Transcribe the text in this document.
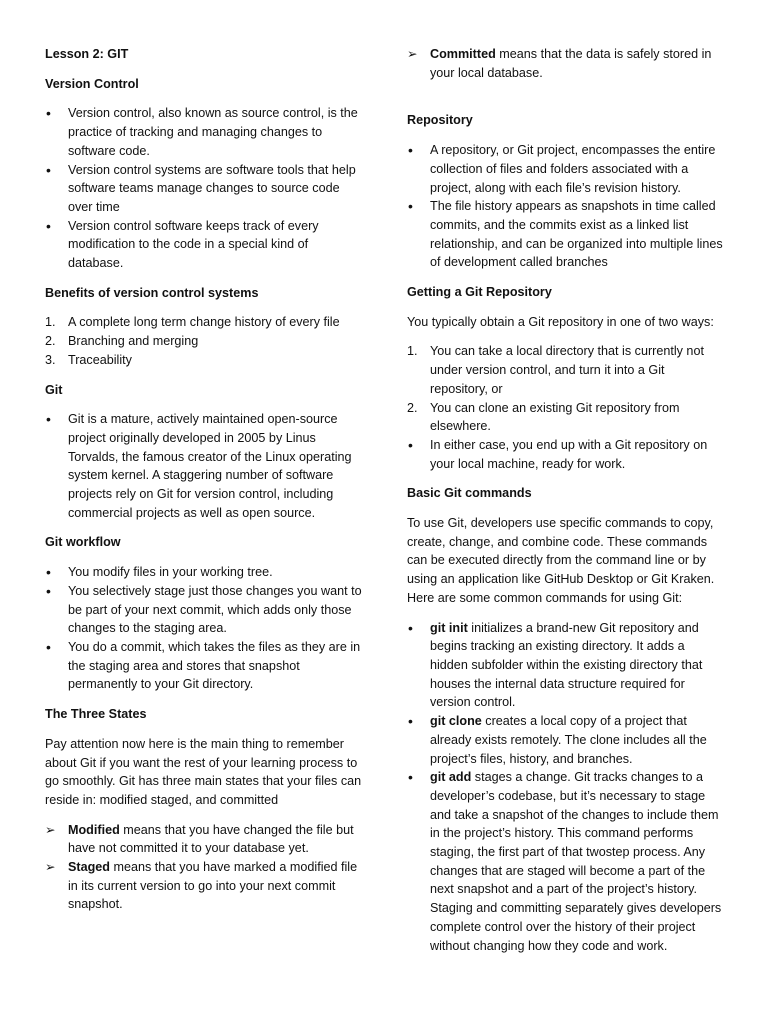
Lesson 2: GIT
Version Control
• Version control, also known as source control, is the practice of tracking and managing changes to software code.
• Version control systems are software tools that help software teams manage changes to source code over time
• Version control software keeps track of every modification to the code in a special kind of database.
Benefits of version control systems
1. A complete long term change history of every file
2. Branching and merging
3. Traceability
Git
• Git is a mature, actively maintained open-source project originally developed in 2005 by Linus Torvalds, the famous creator of the Linux operating system kernel. A staggering number of software projects rely on Git for version control, including commercial projects as well as open source.
Git workflow
• You modify files in your working tree.
• You selectively stage just those changes you want to be part of your next commit, which adds only those changes to the staging area.
• You do a commit, which takes the files as they are in the staging area and stores that snapshot permanently to your Git directory.
The Three States

Pay attention now here is the main thing to remember about Git if you want the rest of your learning process to go smoothly. Git has three main states that your files can reside in: modified staged, and committed

➢ Modified means that you have changed the file but have not committed it to your database yet.
➢ Staged means that you have marked a modified file in its current version to go into your next commit snapshot.
➢ Committed means that the data is safely stored in your local database.
Repository
• A repository, or Git project, encompasses the entire collection of files and folders associated with a project, along with each file’s revision history.
• The file history appears as snapshots in time called commits, and the commits exist as a linked list relationship, and can be organized into multiple lines of development called branches
Getting a Git Repository

You typically obtain a Git repository in one of two ways:

1. You can take a local directory that is currently not under version control, and turn it into a Git repository, or
2. You can clone an existing Git repository from elsewhere.
• In either case, you end up with a Git repository on your local machine, ready for work.
Basic Git commands

To use Git, developers use specific commands to copy, create, change, and combine code. These commands can be executed directly from the command line or by using an application like GitHub Desktop or Git Kraken. Here are some common commands for using Git:

• git init initializes a brand-new Git repository and begins tracking an existing directory. It adds a hidden subfolder within the existing directory that houses the internal data structure required for version control.
• git clone creates a local copy of a project that already exists remotely. The clone includes all the project’s files, history, and branches.
• git add stages a change. Git tracks changes to a developer’s codebase, but it’s necessary to stage and take a snapshot of the changes to include them in the project’s history. This command performs staging, the first part of that twostep process. Any changes that are staged will become a part of the next snapshot and a part of the project’s history. Staging and committing separately gives developers complete control over the history of their project without changing how they code and work.
